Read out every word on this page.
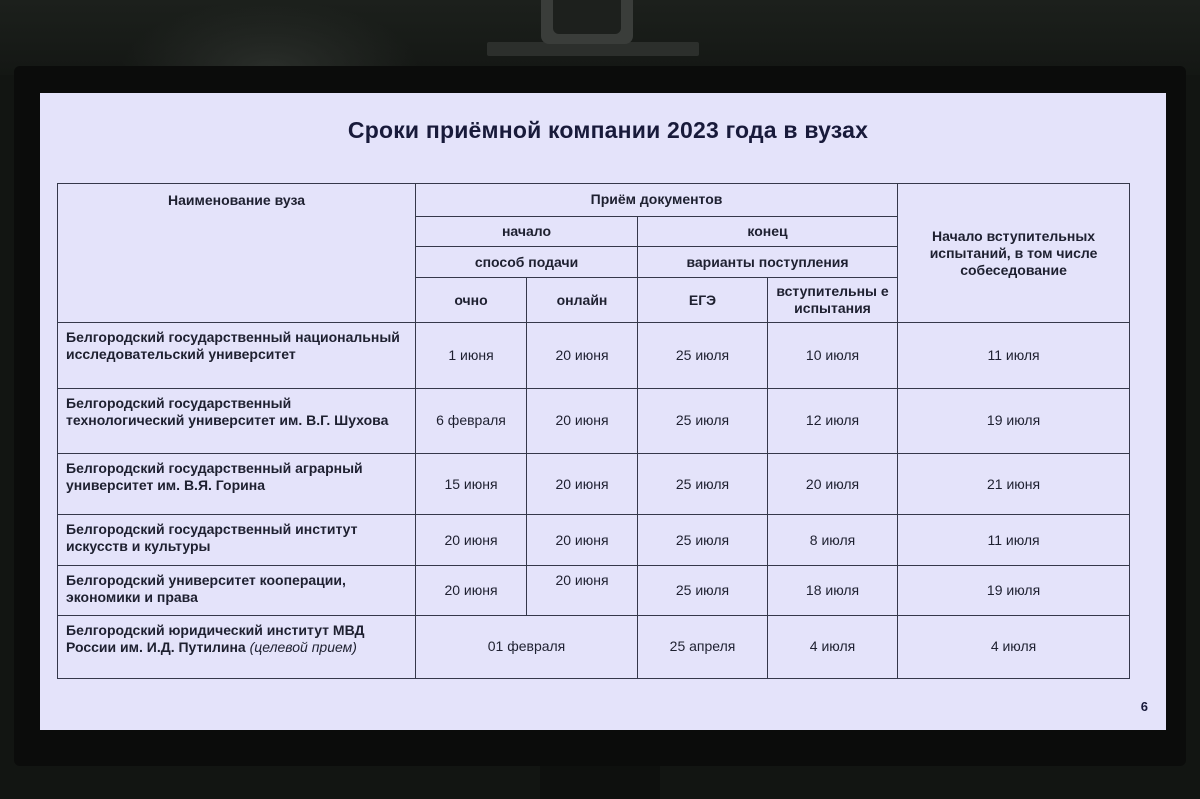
Сроки приёмной компании 2023 года в вузах
Наименование вуза	Приём документов				Начало вступительных испытаний, в том числе собеседование
	начало		конец		
	способ подачи		варианты поступления		
	очно	онлайн	ЕГЭ	вступительны е испытания	
Белгородский государственный национальный исследовательский университет	1 июня	20 июня	25 июля	10 июля	11 июля
Белгородский государственный технологический университет им. В.Г. Шухова	6 февраля	20 июня	25 июля	12 июля	19 июля
Белгородский государственный аграрный университет им. В.Я. Горина	15 июня	20 июня	25 июля	20 июля	21 июня
Белгородский государственный институт искусств и культуры	20 июня	20 июня	25 июля	8 июля	11 июля
Белгородский университет кооперации, экономики и права	20 июня	20 июня	25 июля	18 июля	19 июля
Белгородский юридический институт МВД России им. И.Д. Путилина (целевой прием)	01 февраля		25 апреля	4 июля	4 июля
6
